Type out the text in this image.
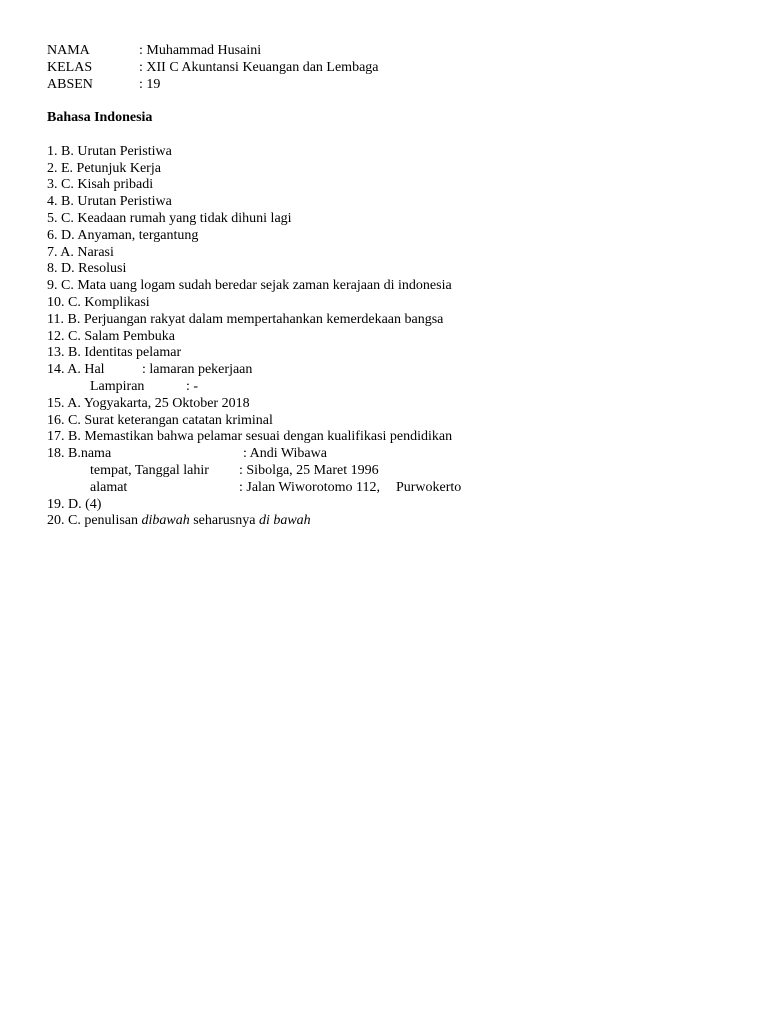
NAMA	: Muhammad Husaini
KELAS	: XII C Akuntansi Keuangan dan Lembaga
ABSEN	: 19
Bahasa Indonesia
1. B. Urutan Peristiwa
2. E. Petunjuk Kerja
3. C. Kisah pribadi
4. B. Urutan Peristiwa
5. C. Keadaan rumah yang tidak dihuni lagi
6. D. Anyaman, tergantung
7. A. Narasi
8. D. Resolusi
9. C. Mata uang logam sudah beredar sejak zaman kerajaan di indonesia
10. C. Komplikasi
11. B. Perjuangan rakyat dalam mempertahankan kemerdekaan bangsa
12. C. Salam Pembuka
13. B. Identitas pelamar
14. A. Hal	: lamaran pekerjaan
Lampiran	: -
15. A. Yogyakarta, 25 Oktober 2018
16. C. Surat keterangan catatan kriminal
17. B. Memastikan bahwa pelamar sesuai dengan kualifikasi pendidikan
18. B.nama	: Andi Wibawa
tempat, Tanggal lahir : Sibolga, 25 Maret 1996
alamat	: Jalan Wiworotomo 112, Purwokerto
19. D. (4)
20. C. penulisan dibawah seharusnya di bawah
